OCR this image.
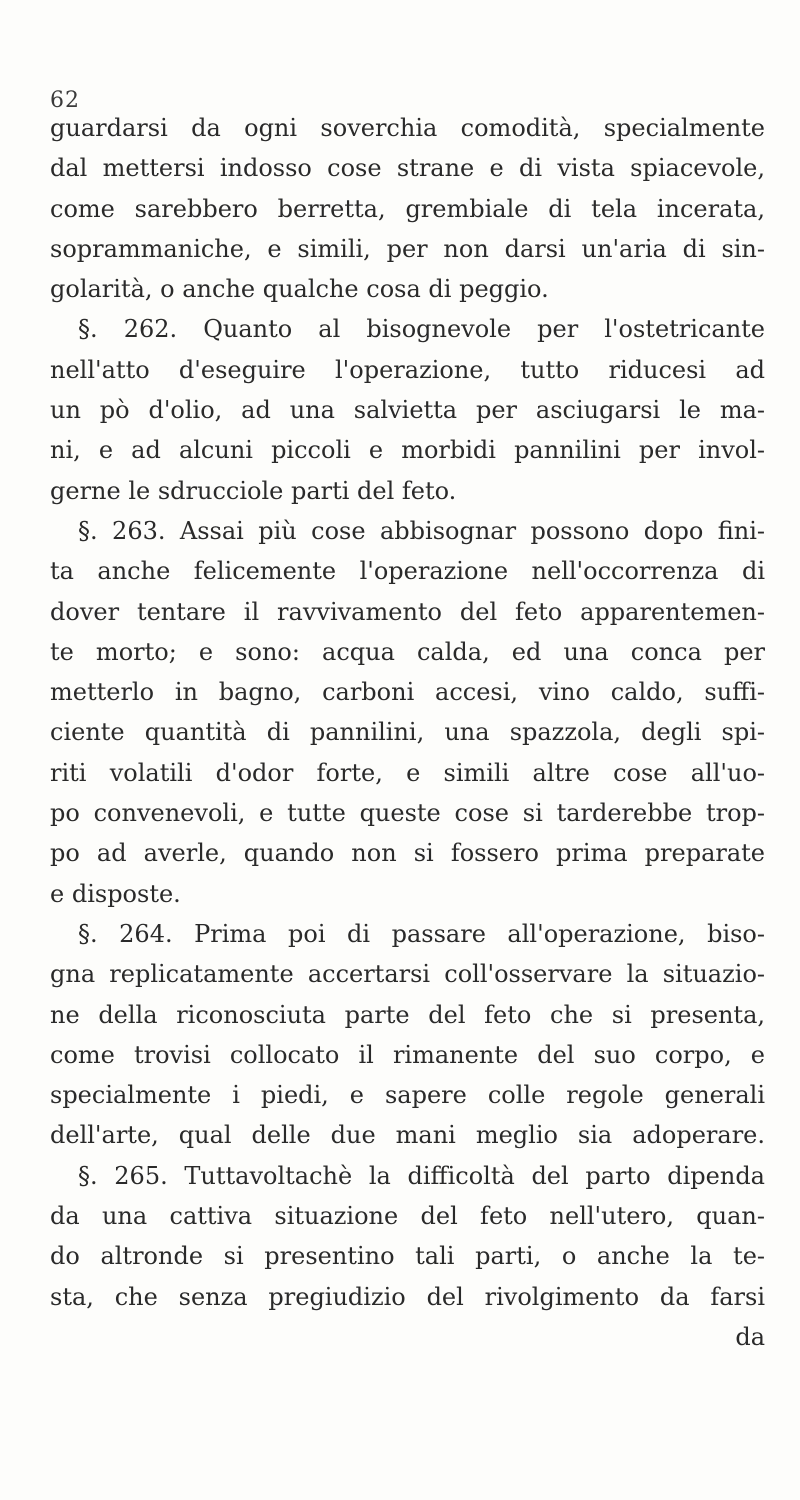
62
guardarsi da ogni soverchia comodità, specialmente
dal mettersi indosso cose strane e di vista spiacevole,
come sarebbero berretta, grembiale di tela incerata,
soprammaniche, e simili, per non darsi un'aria di sin-
golarità, o anche qualche cosa di peggio.
§. 262. Quanto al bisognevole per l'ostetricante
nell'atto d'eseguire l'operazione, tutto riducesi ad
un pò d'olio, ad una salvietta per asciugarsi le ma-
ni, e ad alcuni piccoli e morbidi pannilini per invol-
gerne le sdrucciole parti del feto.
§. 263. Assai più cose abbisognar possono dopo fini-
ta anche felicemente l'operazione nell'occorrenza di
dover tentare il ravvivamento del feto apparentemen-
te morto; e sono: acqua calda, ed una conca per
metterlo in bagno, carboni accesi, vino caldo, suffi-
ciente quantità di pannilini, una spazzola, degli spi-
riti volatili d'odor forte, e simili altre cose all'uo-
po convenevoli, e tutte queste cose si tarderebbe trop-
po ad averle, quando non si fossero prima preparate
e disposte.
§. 264. Prima poi di passare all'operazione, biso-
gna replicatamente accertarsi coll'osservare la situazio-
ne della riconosciuta parte del feto che si presenta,
come trovisi collocato il rimanente del suo corpo, e
specialmente i piedi, e sapere colle regole generali
dell'arte, qual delle due mani meglio sia adoperare.
§. 265. Tuttavoltachè la difficoltà del parto dipenda
da una cattiva situazione del feto nell'utero, quan-
do altronde si presentino tali parti, o anche la te-
sta, che senza pregiudizio del rivolgimento da farsi
da
